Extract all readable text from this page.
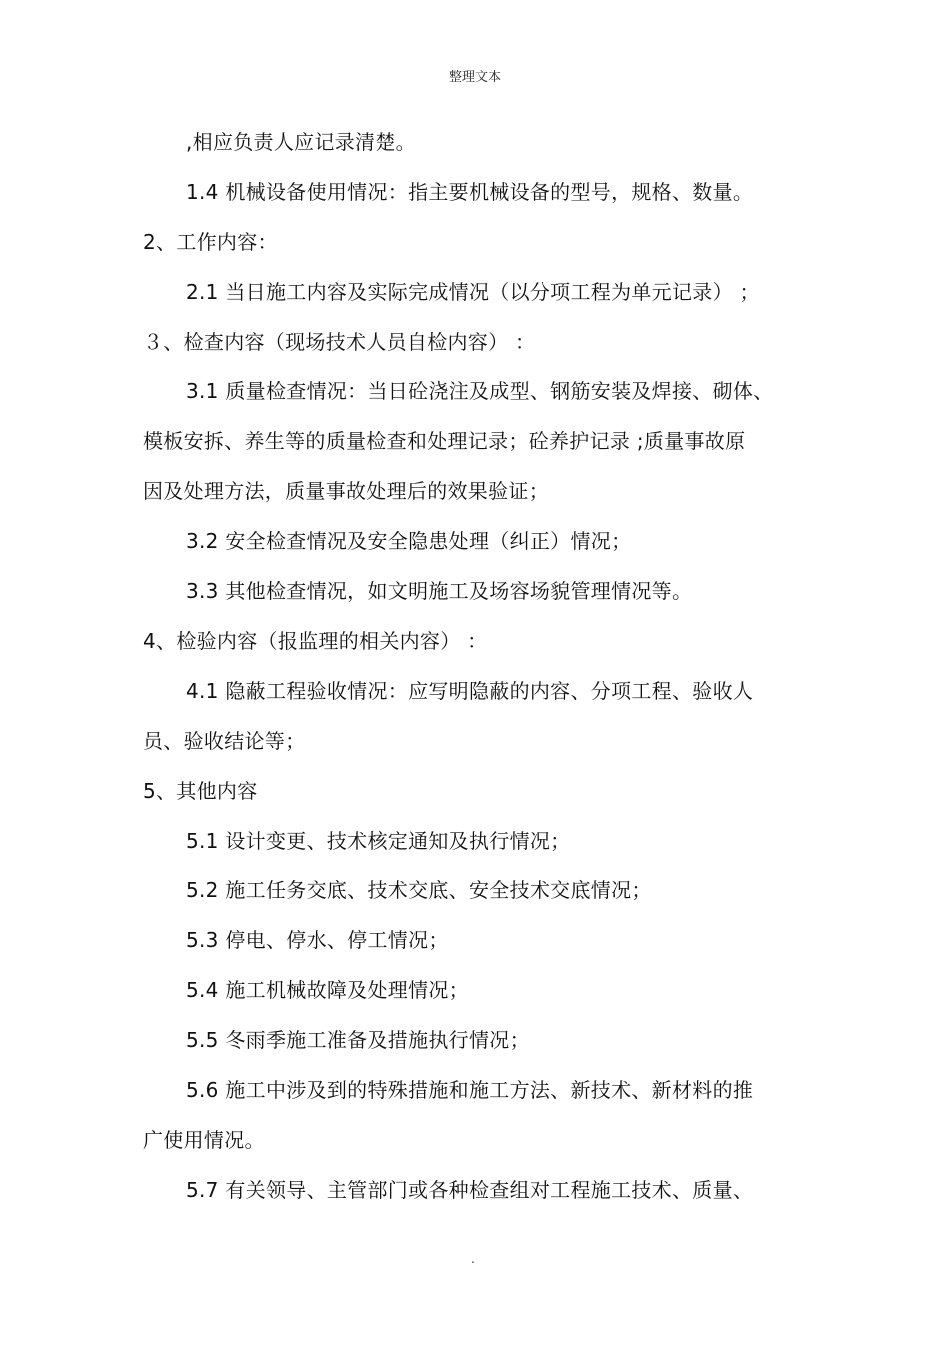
整理文本
,相应负责人应记录清楚。
1.4 机械设备使用情况：指主要机械设备的型号，规格、数量。
2、工作内容：
2.1 当日施工内容及实际完成情况（以分项工程为单元记录） ；
３、检查内容（现场技术人员自检内容） ：
3.1 质量检查情况：当日砼浇注及成型、钢筋安装及焊接、砌体、
模板安拆、养生等的质量检查和处理记录；砼养护记录 ;质量事故原
因及处理方法，质量事故处理后的效果验证；
3.2 安全检查情况及安全隐患处理（纠正）情况；
3.3 其他检查情况，如文明施工及场容场貌管理情况等。
4、检验内容（报监理的相关内容） ：
4.1 隐蔽工程验收情况：应写明隐蔽的内容、分项工程、验收人
员、验收结论等；
5、其他内容
5.1 设计变更、技术核定通知及执行情况；
5.2 施工任务交底、技术交底、安全技术交底情况；
5.3 停电、停水、停工情况；
5.4 施工机械故障及处理情况；
5.5 冬雨季施工准备及措施执行情况；
5.6 施工中涉及到的特殊措施和施工方法、新技术、新材料的推
广使用情况。
5.7 有关领导、主管部门或各种检查组对工程施工技术、质量、
.
